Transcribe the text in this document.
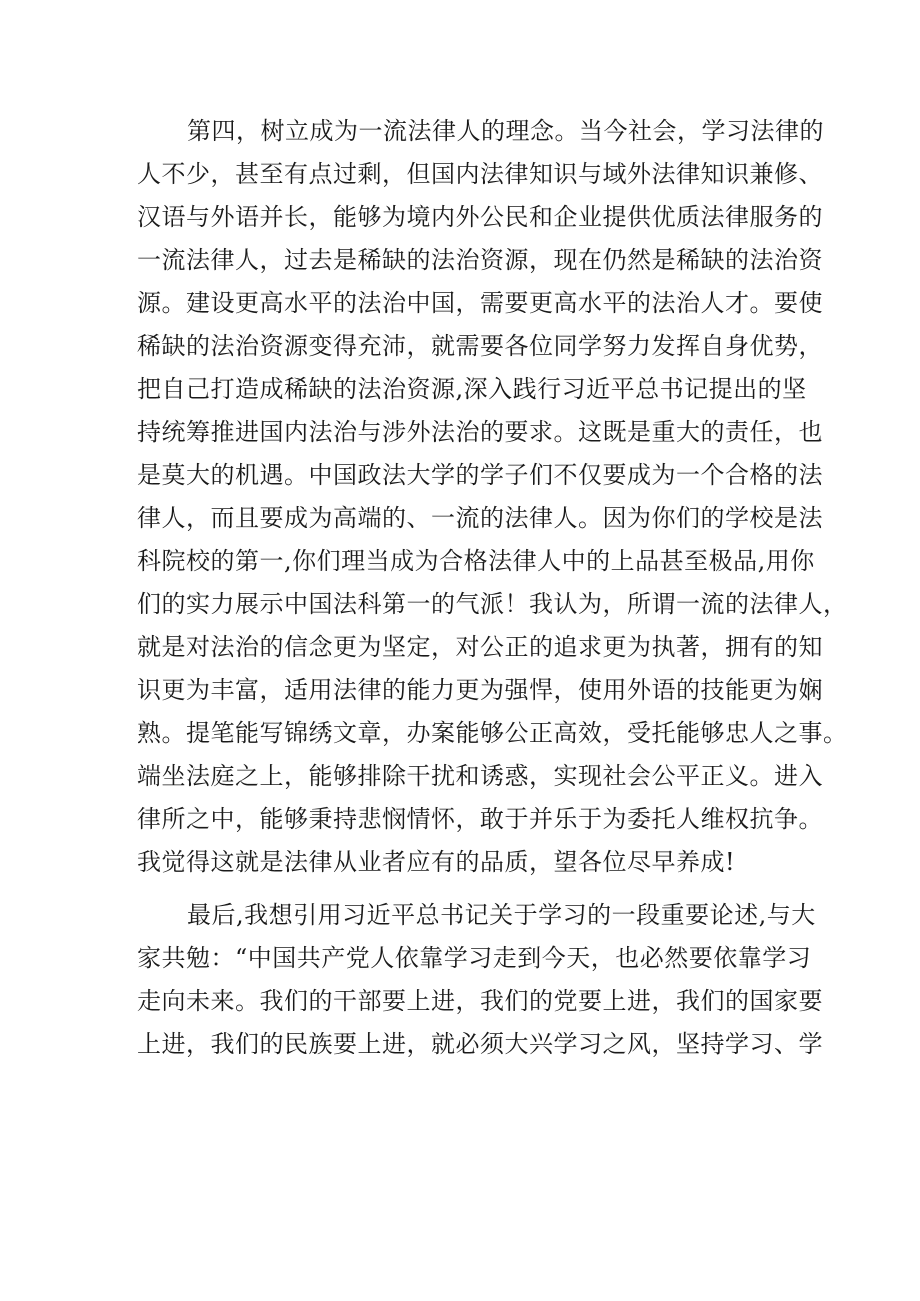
第四，树立成为一流法律人的理念。当今社会，学习法律的
人不少，甚至有点过剩，但国内法律知识与域外法律知识兼修、
汉语与外语并长，能够为境内外公民和企业提供优质法律服务的
一流法律人，过去是稀缺的法治资源，现在仍然是稀缺的法治资
源。建设更高水平的法治中国，需要更高水平的法治人才。要使
稀缺的法治资源变得充沛，就需要各位同学努力发挥自身优势，
把自己打造成稀缺的法治资源,深入践行习近平总书记提出的坚
持统筹推进国内法治与涉外法治的要求。这既是重大的责任，也
是莫大的机遇。中国政法大学的学子们不仅要成为一个合格的法
律人，而且要成为高端的、一流的法律人。因为你们的学校是法
科院校的第一,你们理当成为合格法律人中的上品甚至极品,用你
们的实力展示中国法科第一的气派！我认为，所谓一流的法律人，
就是对法治的信念更为坚定，对公正的追求更为执著，拥有的知
识更为丰富，适用法律的能力更为强悍，使用外语的技能更为娴
熟。提笔能写锦绣文章，办案能够公正高效，受托能够忠人之事。
端坐法庭之上，能够排除干扰和诱惑，实现社会公平正义。进入
律所之中，能够秉持悲悯情怀，敢于并乐于为委托人维权抗争。
我觉得这就是法律从业者应有的品质，望各位尽早养成!
最后,我想引用习近平总书记关于学习的一段重要论述,与大
家共勉：“中国共产党人依靠学习走到今天，也必然要依靠学习
走向未来。我们的干部要上进，我们的党要上进，我们的国家要
上进，我们的民族要上进，就必须大兴学习之风，坚持学习、学
